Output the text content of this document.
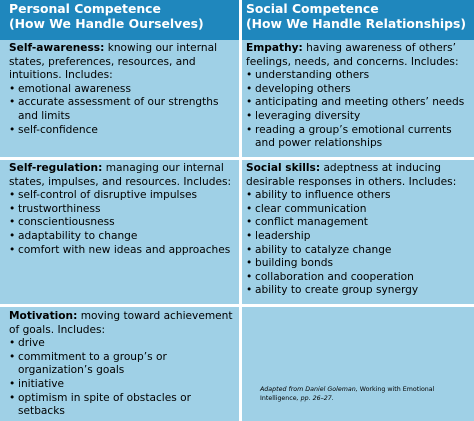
Personal Competence
(How We Handle Ourselves)
Social Competence
(How We Handle Relationships)
Self-awareness: knowing our internal states, preferences, resources, and intuitions. Includes:
• emotional awareness
• accurate assessment of our strengths and limits
• self-confidence
Empathy: having awareness of others’ feelings, needs, and concerns. Includes:
• understanding others
• developing others
• anticipating and meeting others’ needs
• leveraging diversity
• reading a group’s emotional currents and power relationships
Self-regulation: managing our internal states, impulses, and resources. Includes:
• self-control of disruptive impulses
• trustworthiness
• conscientiousness
• adaptability to change
• comfort with new ideas and approaches
Social skills: adeptness at inducing desirable responses in others. Includes:
• ability to influence others
• clear communication
• conflict management
• leadership
• ability to catalyze change
• building bonds
• collaboration and cooperation
• ability to create group synergy
Motivation: moving toward achievement of goals. Includes:
• drive
• commitment to a group’s or organization’s goals
• initiative
• optimism in spite of obstacles or setbacks
Adapted from Daniel Goleman, Working with Emotional Intelligence, pp. 26–27.
